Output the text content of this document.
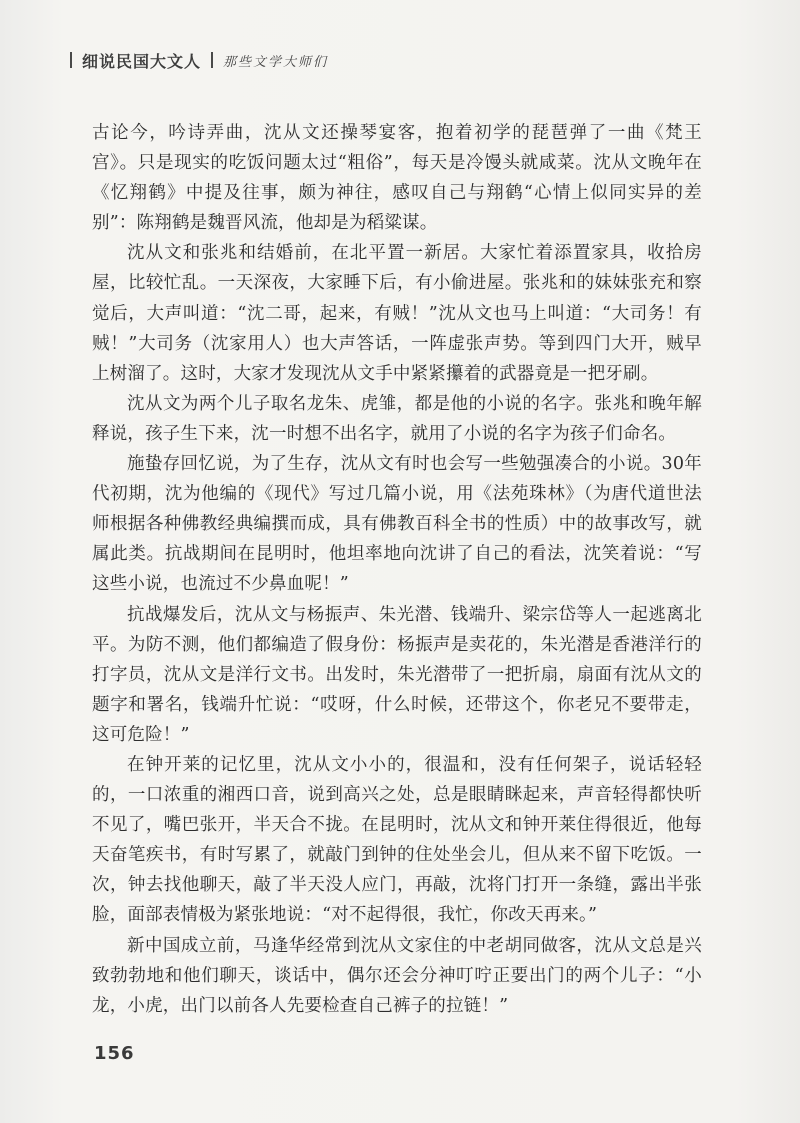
细说民国大文人 那些文学大师们

古论今，吟诗弄曲，沈从文还操琴宴客，抱着初学的琵琶弹了一曲《梵王宫》。只是现实的吃饭问题太过“粗俗”，每天是冷馒头就咸菜。沈从文晚年在《忆翔鹤》中提及往事，颇为神往，感叹自己与翔鹤“心情上似同实异的差别”：陈翔鹤是魏晋风流，他却是为稻粱谋。

沈从文和张兆和结婚前，在北平置一新居。大家忙着添置家具，收拾房屋，比较忙乱。一天深夜，大家睡下后，有小偷进屋。张兆和的妹妹张充和察觉后，大声叫道：“沈二哥，起来，有贼！”沈从文也马上叫道：“大司务！有贼！”大司务（沈家用人）也大声答话，一阵虚张声势。等到四门大开，贼早上树溜了。这时，大家才发现沈从文手中紧紧攥着的武器竟是一把牙刷。

沈从文为两个儿子取名龙朱、虎雏，都是他的小说的名字。张兆和晚年解释说，孩子生下来，沈一时想不出名字，就用了小说的名字为孩子们命名。

施蛰存回忆说，为了生存，沈从文有时也会写一些勉强凑合的小说。30年代初期，沈为他编的《现代》写过几篇小说，用《法苑珠林》（为唐代道世法师根据各种佛教经典编撰而成，具有佛教百科全书的性质）中的故事改写，就属此类。抗战期间在昆明时，他坦率地向沈讲了自己的看法，沈笑着说：“写这些小说，也流过不少鼻血呢！”

抗战爆发后，沈从文与杨振声、朱光潜、钱端升、梁宗岱等人一起逃离北平。为防不测，他们都编造了假身份：杨振声是卖花的，朱光潜是香港洋行的打字员，沈从文是洋行文书。出发时，朱光潜带了一把折扇，扇面有沈从文的题字和署名，钱端升忙说：“哎呀，什么时候，还带这个，你老兄不要带走，这可危险！”

在钟开莱的记忆里，沈从文小小的，很温和，没有任何架子，说话轻轻的，一口浓重的湘西口音，说到高兴之处，总是眼睛眯起来，声音轻得都快听不见了，嘴巴张开，半天合不拢。在昆明时，沈从文和钟开莱住得很近，他每天奋笔疾书，有时写累了，就敲门到钟的住处坐会儿，但从来不留下吃饭。一次，钟去找他聊天，敲了半天没人应门，再敲，沈将门打开一条缝，露出半张脸，面部表情极为紧张地说：“对不起得很，我忙，你改天再来。”

新中国成立前，马逢华经常到沈从文家住的中老胡同做客，沈从文总是兴致勃勃地和他们聊天，谈话中，偶尔还会分神叮咛正要出门的两个儿子：“小龙，小虎，出门以前各人先要检查自己裤子的拉链！”

156
